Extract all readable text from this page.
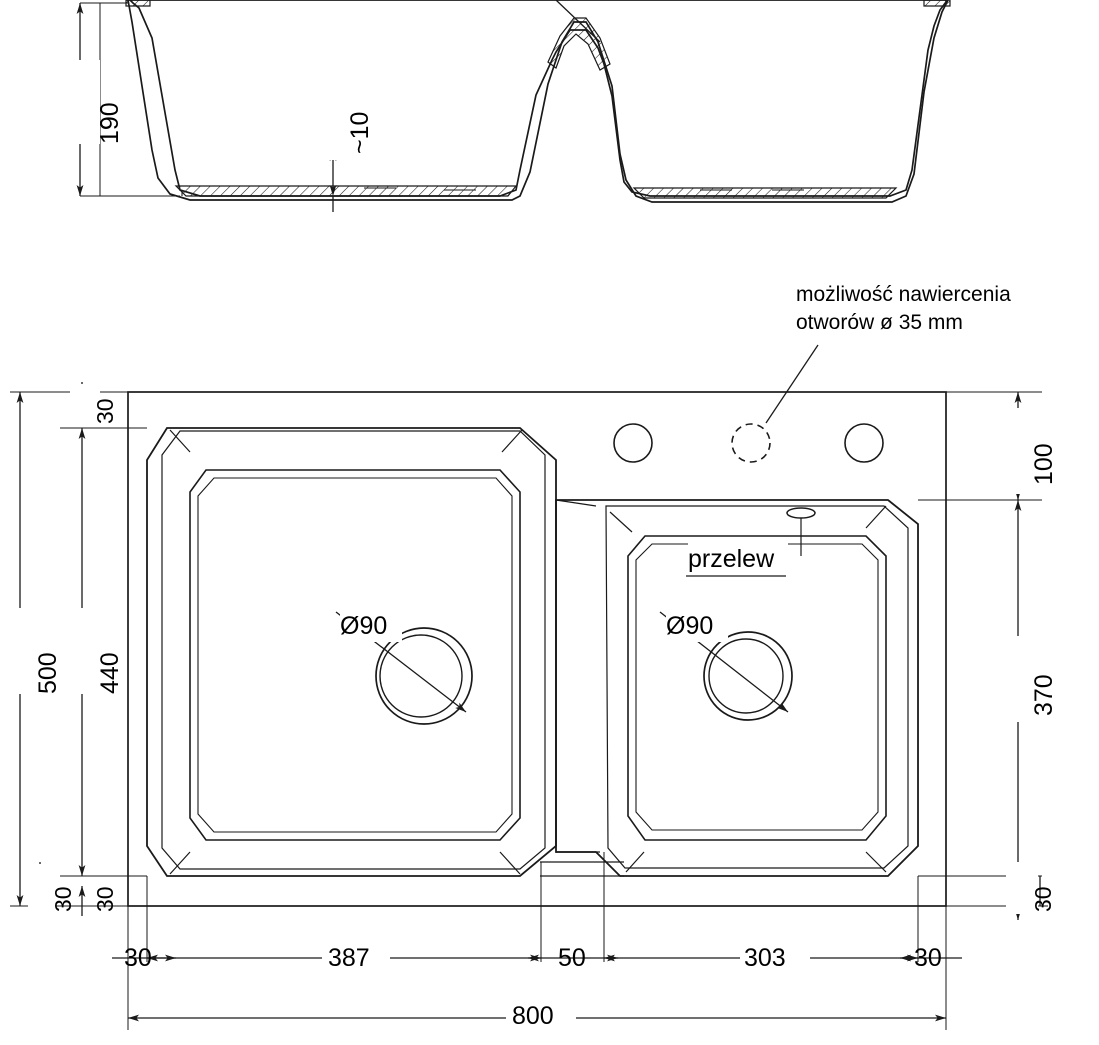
190	~10
możliwość nawiercenia
otworów ø 35 mm
przelew
30
500 440
30
30
100
370
30
Ø90	Ø90
30	387	50	303	30
800
